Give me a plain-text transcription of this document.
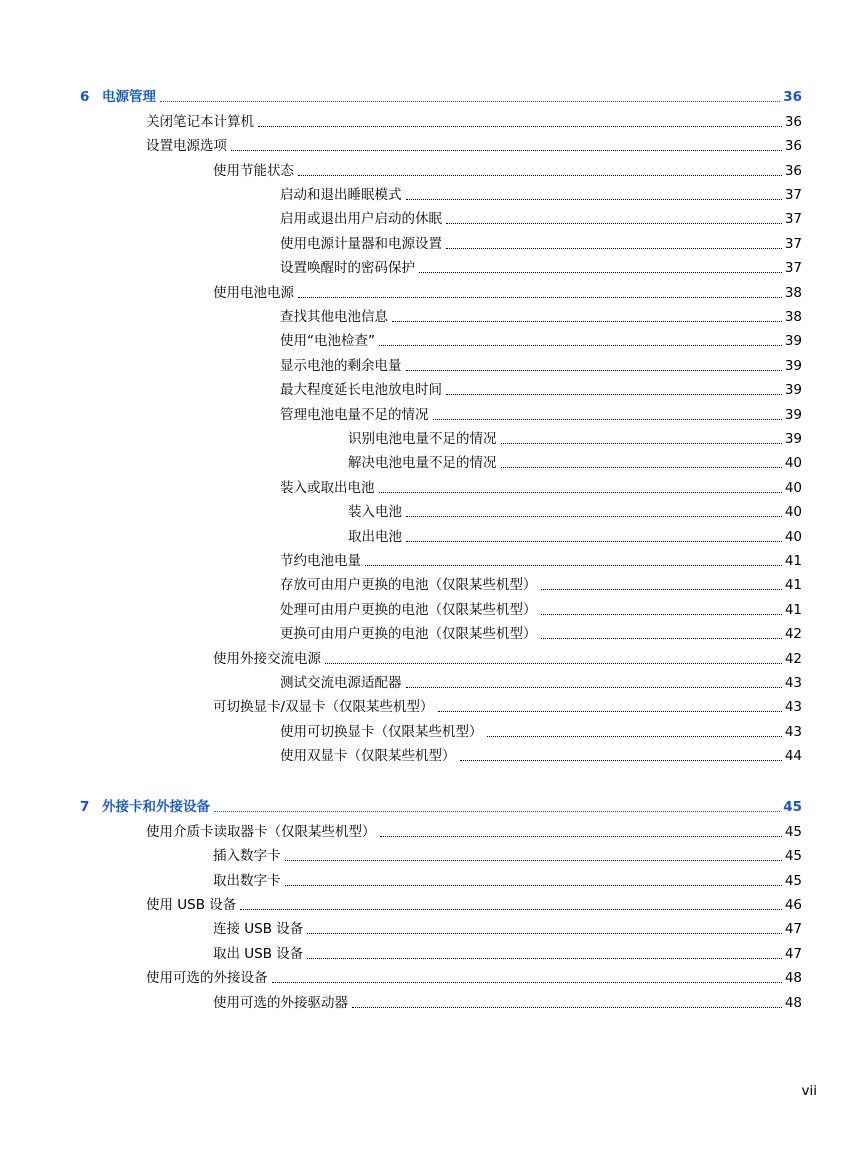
6 电源管理	36
关闭笔记本计算机	36
设置电源选项	36
使用节能状态	36
启动和退出睡眠模式	37
启用或退出用户启动的休眠	37
使用电源计量器和电源设置	37
设置唤醒时的密码保护	37
使用电池电源	38
查找其他电池信息	38
使用“电池检查”	39
显示电池的剩余电量	39
最大程度延长电池放电时间	39
管理电池电量不足的情况	39
识别电池电量不足的情况	39
解决电池电量不足的情况	40
装入或取出电池	40
装入电池	40
取出电池	40
节约电池电量	41
存放可由用户更换的电池（仅限某些机型）	41
处理可由用户更换的电池（仅限某些机型）	41
更换可由用户更换的电池（仅限某些机型）	42
使用外接交流电源	42
测试交流电源适配器	43
可切换显卡/双显卡（仅限某些机型）	43
使用可切换显卡（仅限某些机型）	43
使用双显卡（仅限某些机型）	44
7 外接卡和外接设备	45
使用介质卡读取器卡（仅限某些机型）	45
插入数字卡	45
取出数字卡	45
使用 USB 设备	46
连接 USB 设备	47
取出 USB 设备	47
使用可选的外接设备	48
使用可选的外接驱动器	48
vii
